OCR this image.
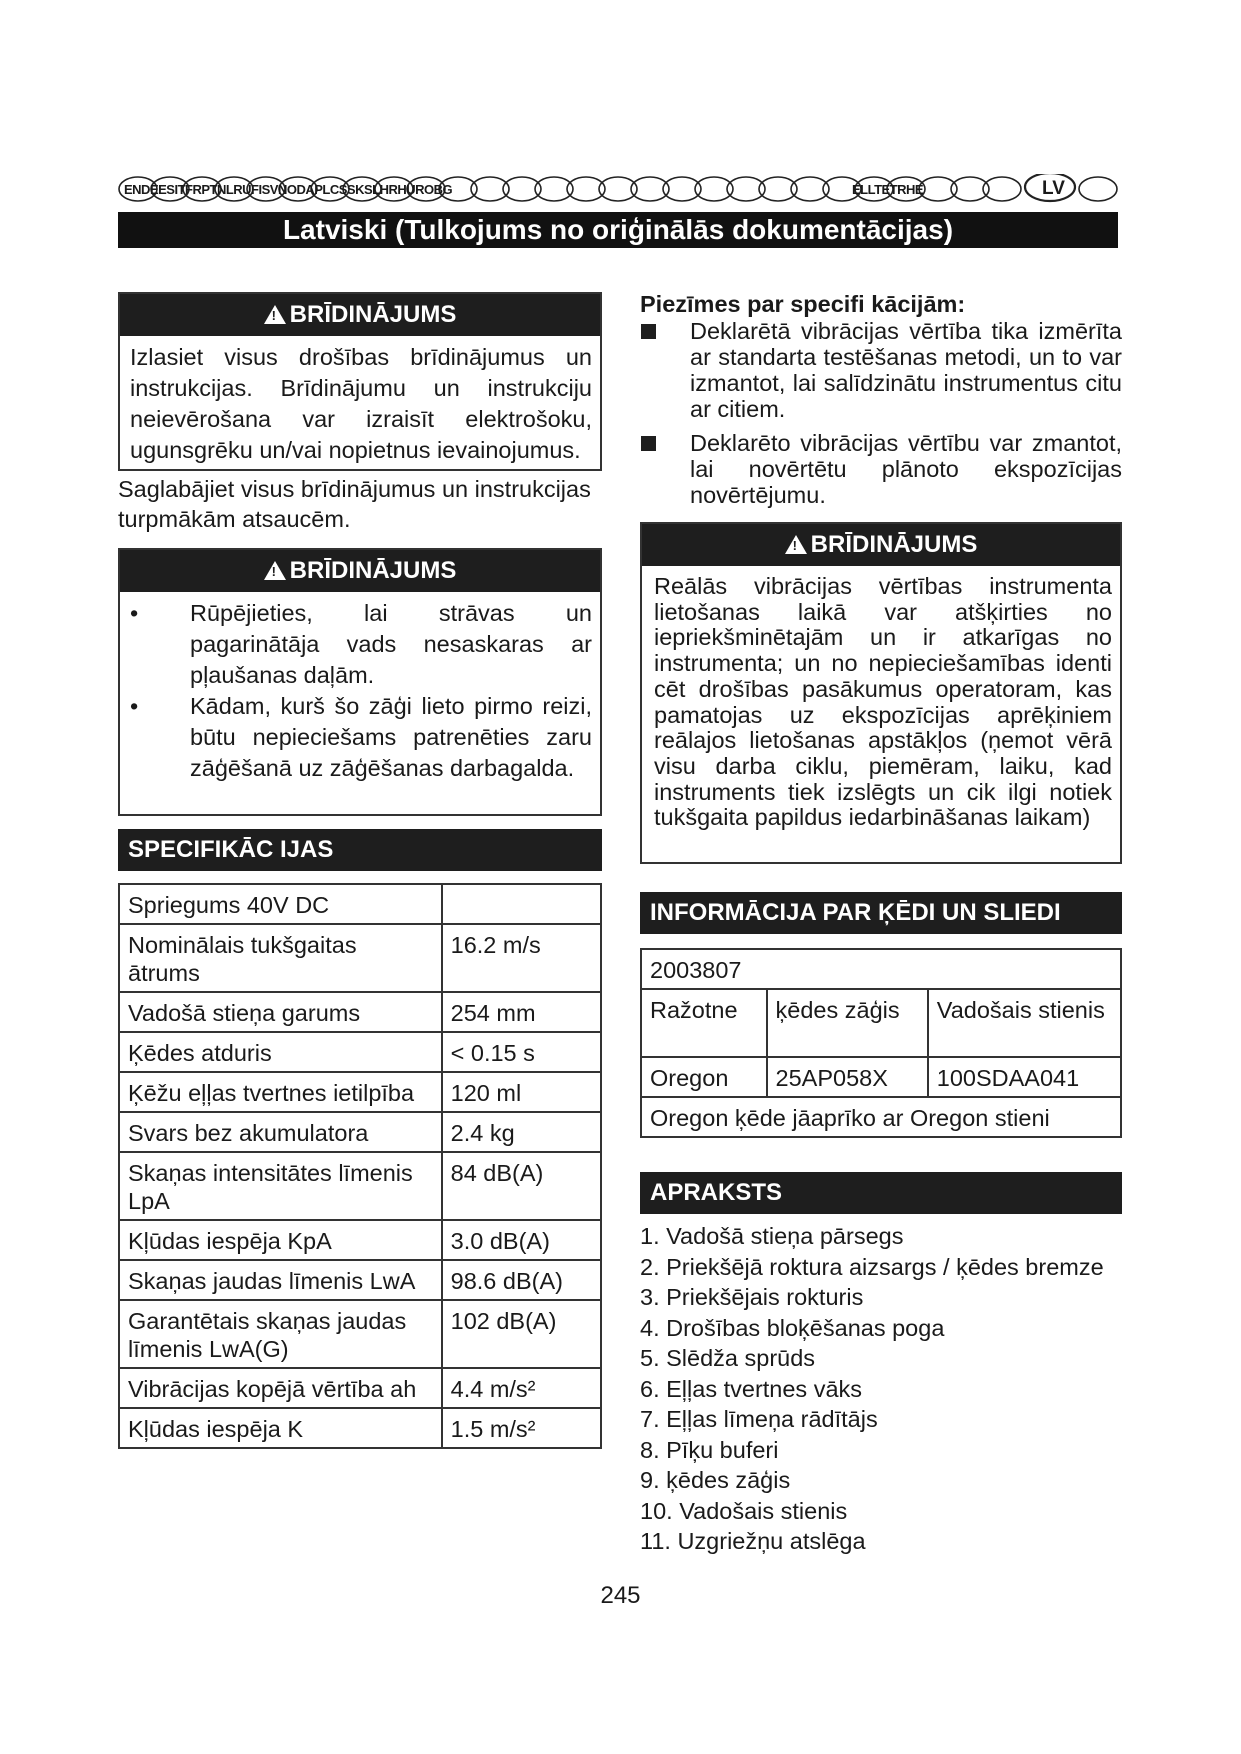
ENDEESITFRPTNLRUFISVNODAPLCSSKSLHRHUROBG	ELLTETRHE	LV
Latviski (Tulkojums no oriģinālās dokumentācijas)
! BRĪDINĀJUMS
Izlasiet visus drošības brīdinājumus un instrukcijas. Brīdinājumu un instrukciju neievērošana var izraisīt elektrošoku, ugunsgrēku un/vai nopietnus ievainojumus.
Saglabājiet visus brīdinājumus un instrukcijas turpmākām atsaucēm.
! BRĪDINĀJUMS
•	Rūpējieties, lai strāvas un pagarinātāja vads nesaskaras ar pļaušanas daļām.
•	Kādam, kurš šo zāģi lieto pirmo reizi, būtu nepieciešams patrenēties zaru zāģēšanā uz zāģēšanas darbagalda.
SPECIFIKĀC IJAS
Spriegums 40V DC	
Nominālais tukšgaitas ātrums	16.2 m/s
Vadošā stieņa garums	254 mm
Ķēdes atduris	< 0.15 s
Ķēžu eļļas tvertnes ietilpība	120 ml
Svars bez akumulatora	2.4 kg
Skaņas intensitātes līmenis LpA	84 dB(A)
Kļūdas iespēja KpA	3.0 dB(A)
Skaņas jaudas līmenis LwA	98.6 dB(A)
Garantētais skaņas jaudas līmenis LwA(G)	102 dB(A)
Vibrācijas kopējā vērtība ah	4.4 m/s²
Kļūdas iespēja K	1.5 m/s²
Piezīmes par specifi kācijām:
Deklarētā vibrācijas vērtība tika izmērīta ar standarta testēšanas metodi, un to var izmantot, lai salīdzinātu instrumentus citu ar citiem.
Deklarēto vibrācijas vērtību var zmantot, lai novērtētu plānoto ekspozīcijas novērtējumu.
! BRĪDINĀJUMS
Reālās vibrācijas vērtības instrumenta lietošanas laikā var atšķirties no iepriekšminētajām un ir atkarīgas no instrumenta; un no nepieciešamības identi cēt drošības pasākumus operatoram, kas pamatojas uz ekspozīcijas aprēķiniem reālajos lietošanas apstākļos (ņemot vērā visu darba ciklu, piemēram, laiku, kad instruments tiek izslēgts un cik ilgi notiek tukšgaita papildus iedarbināšanas laikam)
INFORMĀCIJA PAR ĶĒDI UN SLIEDI
2003807		
Ražotne	ķēdes zāģis	Vadošais stienis
Oregon	25AP058X	100SDAA041
Oregon ķēde jāaprīko ar Oregon stieni		
APRAKSTS
1. Vadošā stieņa pārsegs
2. Priekšējā roktura aizsargs / ķēdes bremze
3. Priekšējais rokturis
4. Drošības bloķēšanas poga
5. Slēdža sprūds
6. Eļļas tvertnes vāks
7. Eļļas līmeņa rādītājs
8. Pīķu buferi
9. ķēdes zāģis
10. Vadošais stienis
11. Uzgriežņu atslēga
245
